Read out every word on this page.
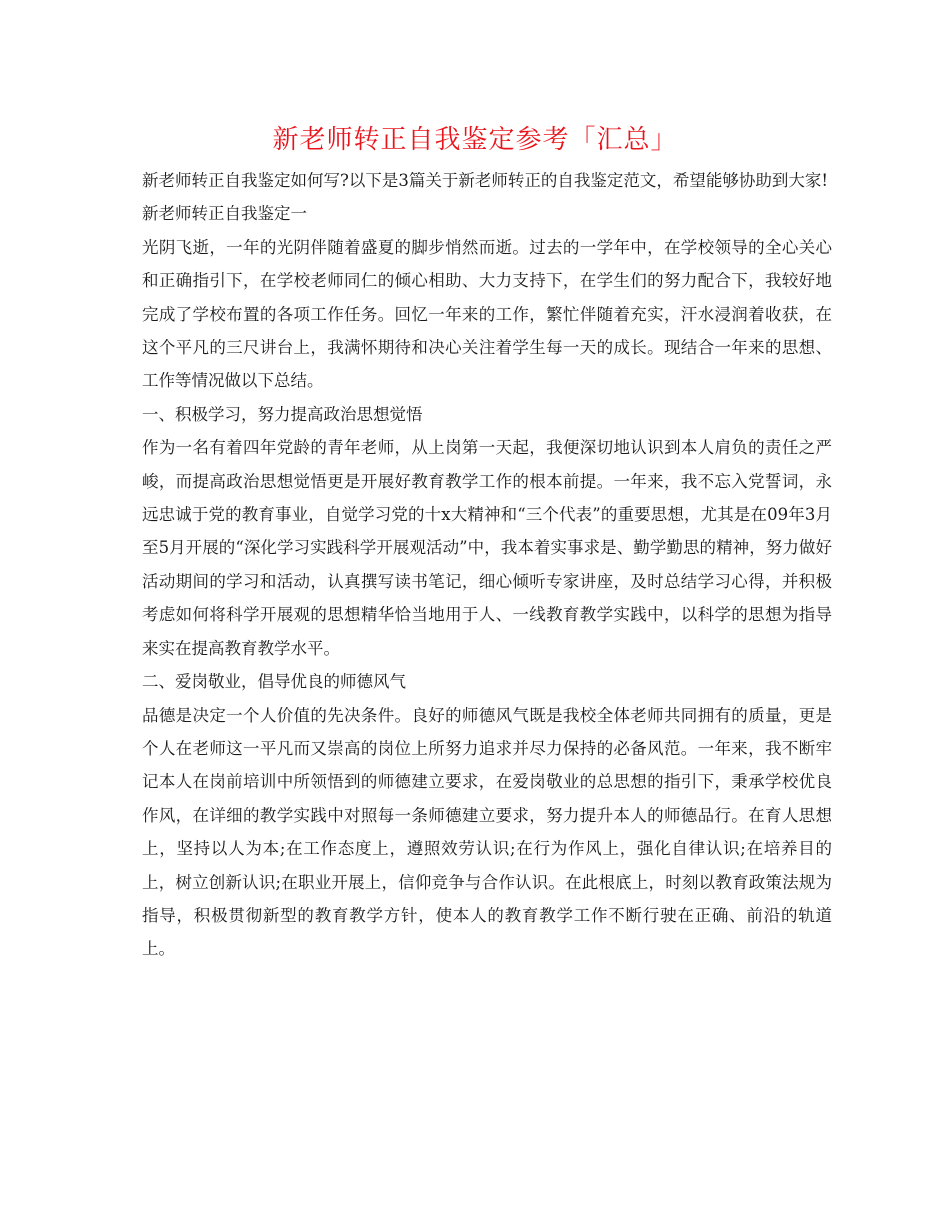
新老师转正自我鉴定参考「汇总」

新老师转正自我鉴定如何写?以下是3篇关于新老师转正的自我鉴定范文，希望能够协助到大家!

新老师转正自我鉴定一

光阴飞逝，一年的光阴伴随着盛夏的脚步悄然而逝。过去的一学年中，在学校领导的全心关心和正确指引下，在学校老师同仁的倾心相助、大力支持下，在学生们的努力配合下，我较好地完成了学校布置的各项工作任务。回忆一年来的工作，繁忙伴随着充实，汗水浸润着收获，在这个平凡的三尺讲台上，我满怀期待和决心关注着学生每一天的成长。现结合一年来的思想、工作等情况做以下总结。

一、积极学习，努力提高政治思想觉悟

作为一名有着四年党龄的青年老师，从上岗第一天起，我便深切地认识到本人肩负的责任之严峻，而提高政治思想觉悟更是开展好教育教学工作的根本前提。一年来，我不忘入党誓词，永远忠诚于党的教育事业，自觉学习党的十x大精神和“三个代表”的重要思想，尤其是在09年3月至5月开展的“深化学习实践科学开展观活动”中，我本着实事求是、勤学勤思的精神，努力做好活动期间的学习和活动，认真撰写读书笔记，细心倾听专家讲座，及时总结学习心得，并积极考虑如何将科学开展观的思想精华恰当地用于人、一线教育教学实践中，以科学的思想为指导来实在提高教育教学水平。

二、爱岗敬业，倡导优良的师德风气

品德是决定一个人价值的先决条件。良好的师德风气既是我校全体老师共同拥有的质量，更是个人在老师这一平凡而又崇高的岗位上所努力追求并尽力保持的必备风范。一年来，我不断牢记本人在岗前培训中所领悟到的师德建立要求，在爱岗敬业的总思想的指引下，秉承学校优良作风，在详细的教学实践中对照每一条师德建立要求，努力提升本人的师德品行。在育人思想上，坚持以人为本;在工作态度上，遵照效劳认识;在行为作风上，强化自律认识;在培养目的上，树立创新认识;在职业开展上，信仰竞争与合作认识。在此根底上，时刻以教育政策法规为指导，积极贯彻新型的教育教学方针，使本人的教育教学工作不断行驶在正确、前沿的轨道上。
